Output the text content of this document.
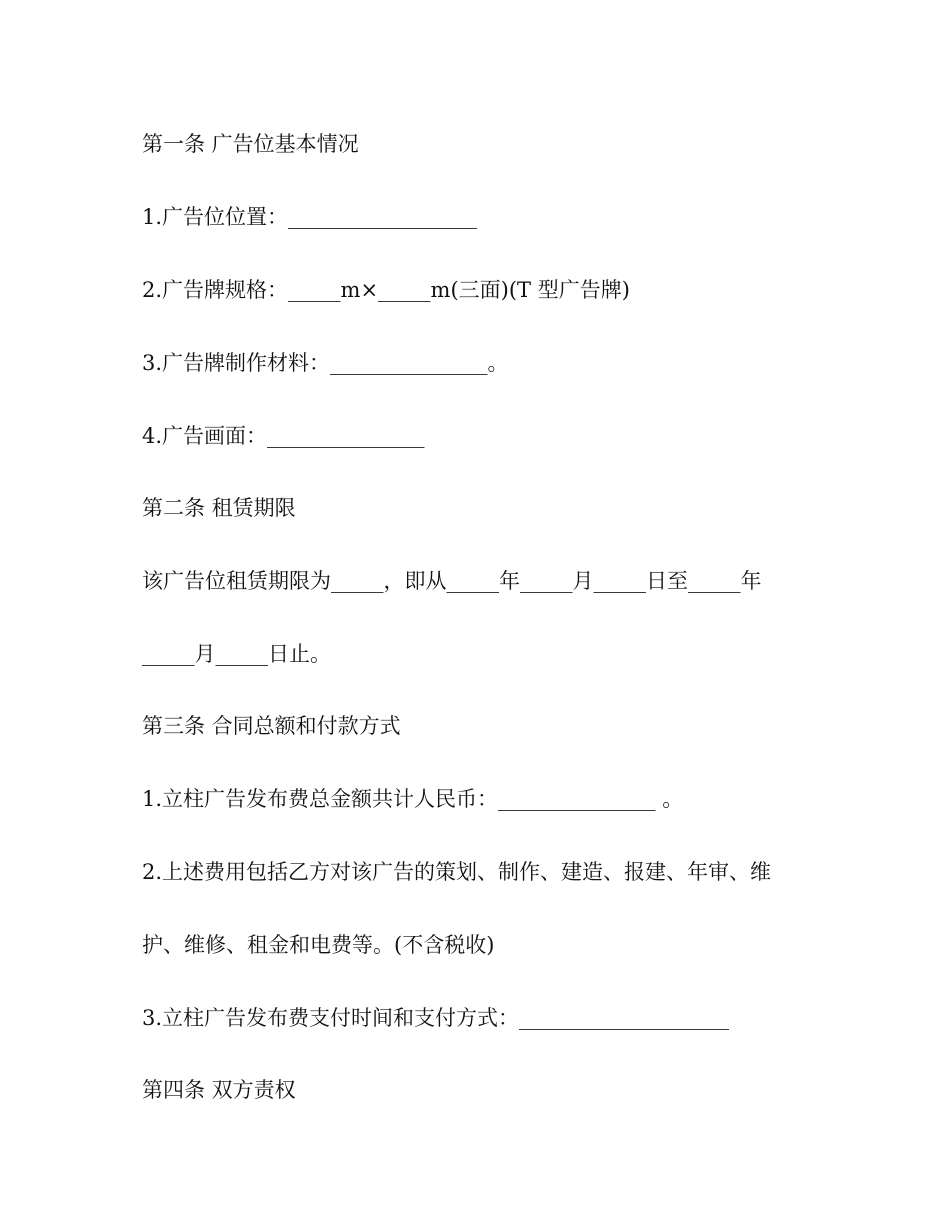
第一条 广告位基本情况
1.广告位位置：__________________
2.广告牌规格：_____m×_____m(三面)(T 型广告牌)
3.广告牌制作材料：_______________。
4.广告画面：_______________
第二条 租赁期限
该广告位租赁期限为_____，即从_____年_____月_____日至_____年
_____月_____日止。
第三条 合同总额和付款方式
1.立柱广告发布费总金额共计人民币：_______________ 。
2.上述费用包括乙方对该广告的策划、制作、建造、报建、年审、维
护、维修、租金和电费等。(不含税收)
3.立柱广告发布费支付时间和支付方式：____________________
第四条 双方责权
